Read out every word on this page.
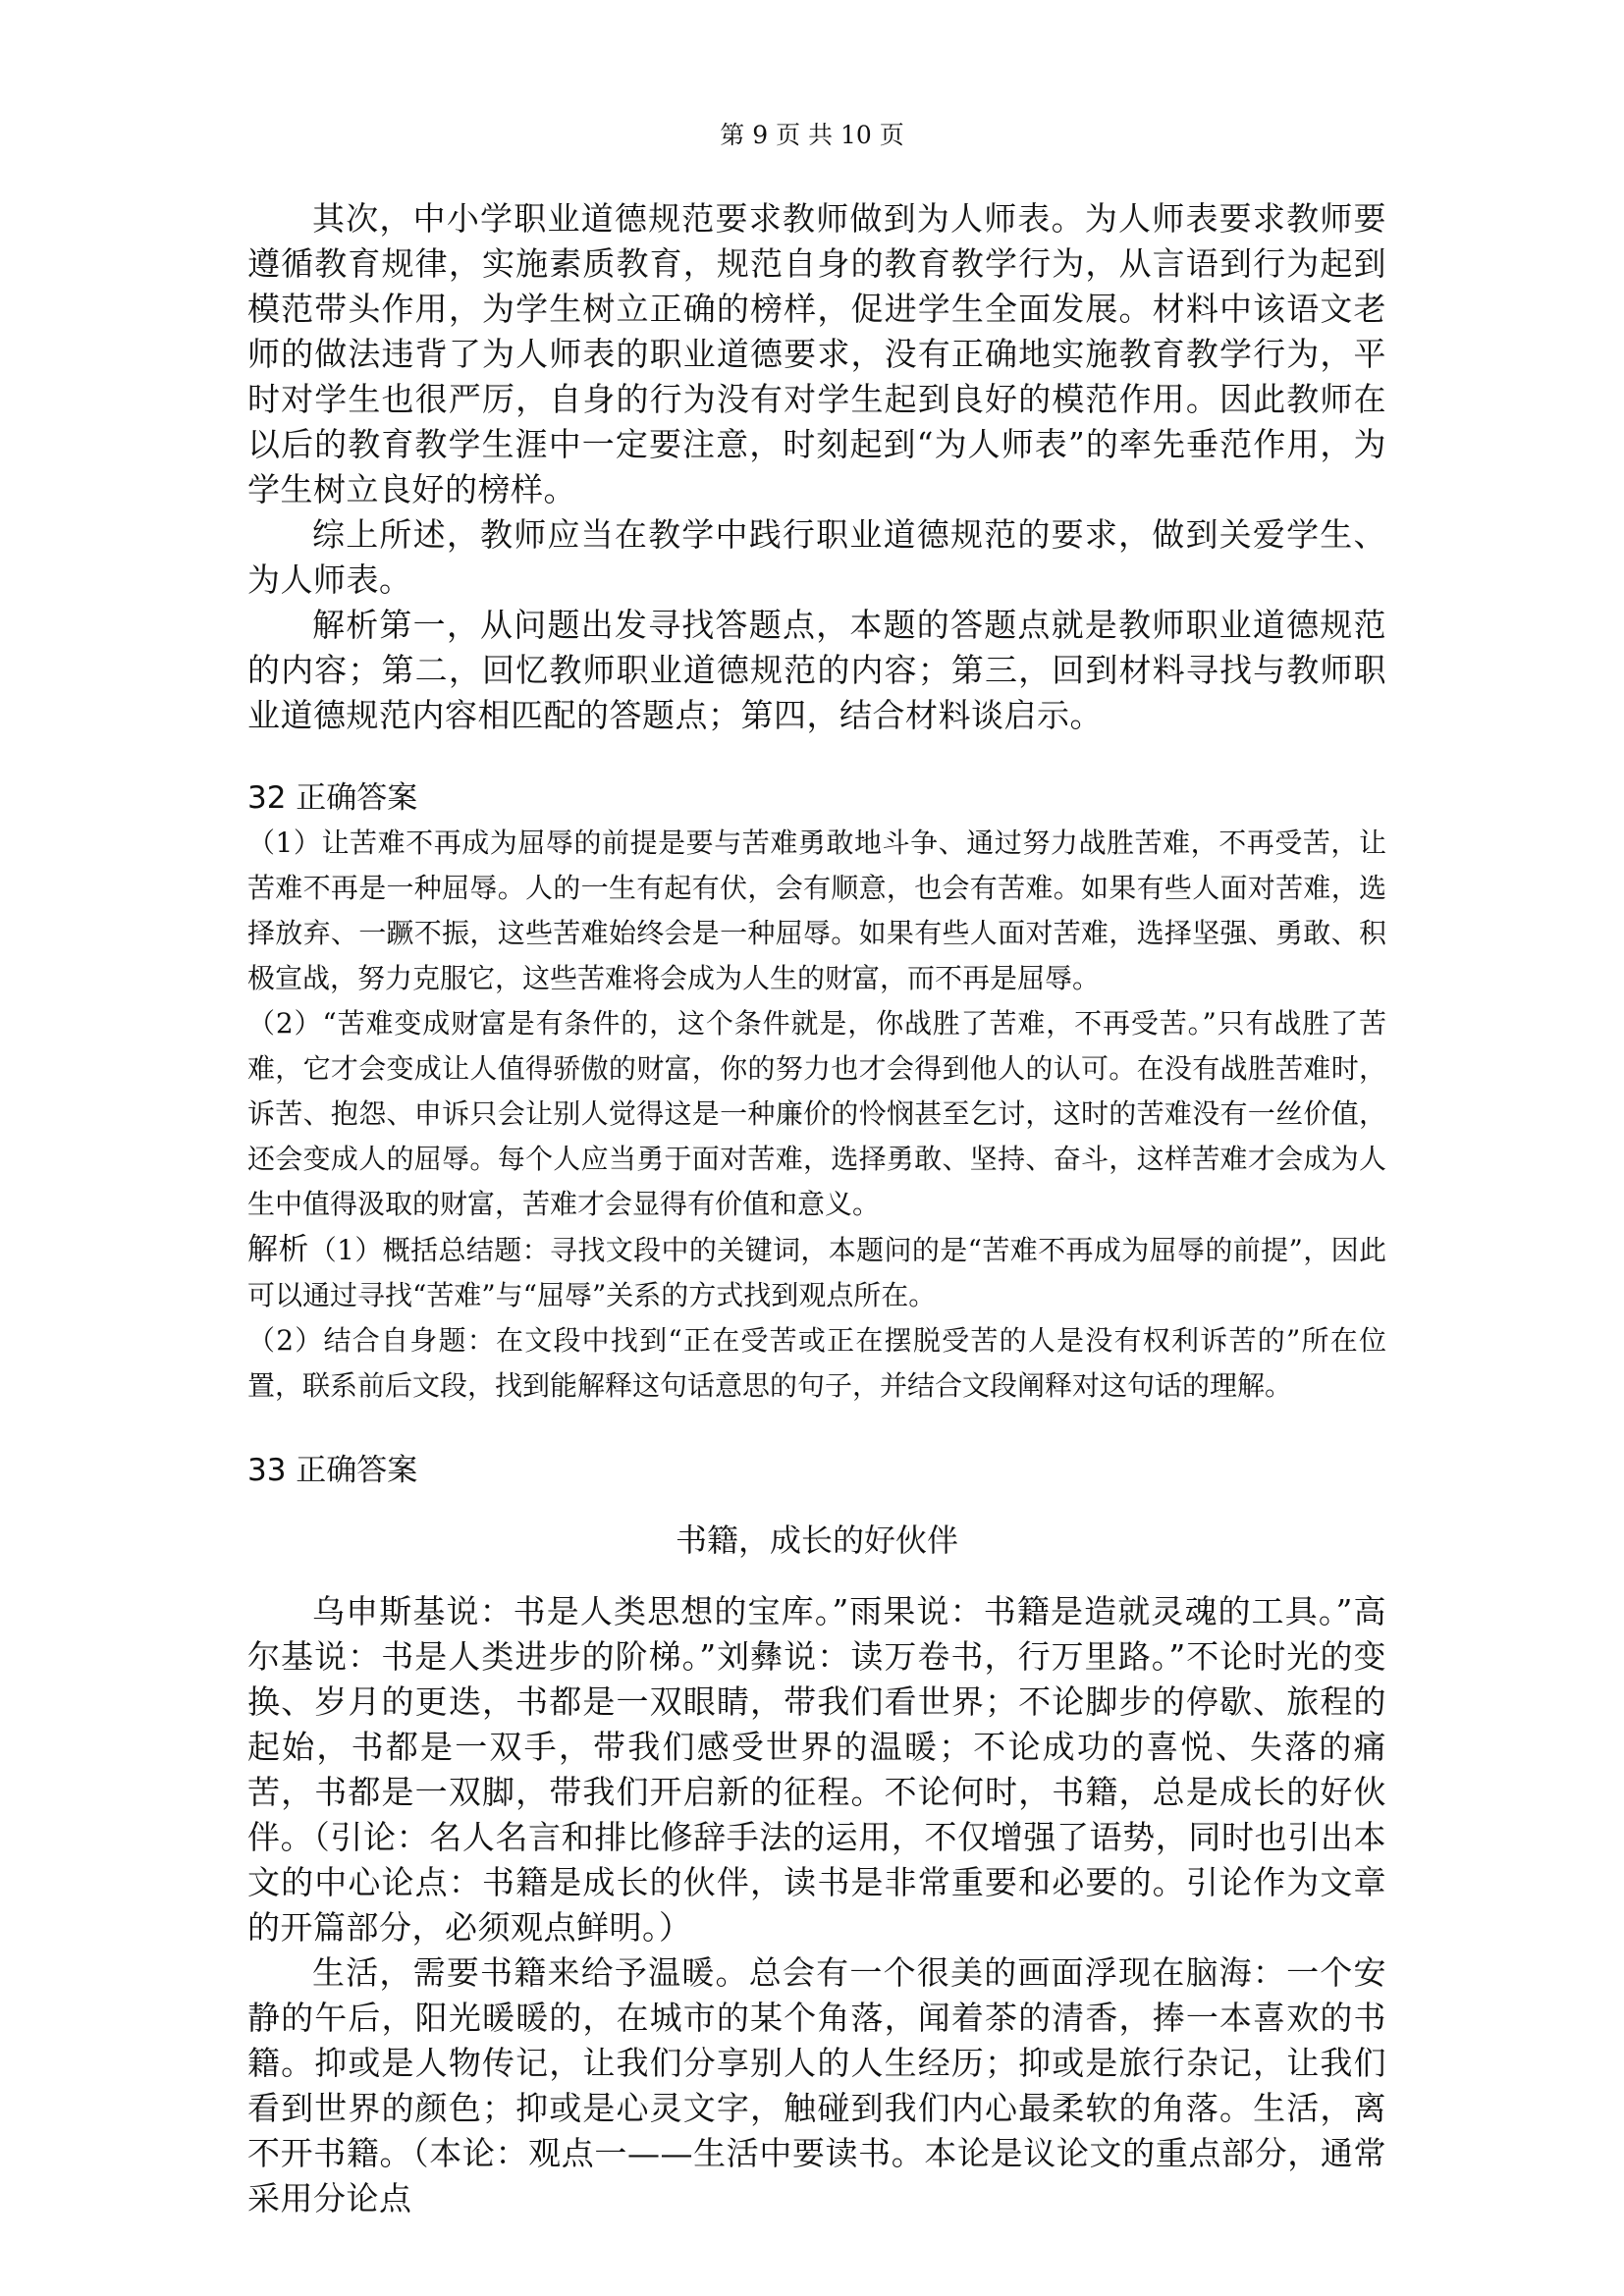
第 9 页 共 10 页

其次，中小学职业道德规范要求教师做到为人师表。为人师表要求教师要遵循教育规律，实施素质教育，规范自身的教育教学行为，从言语到行为起到模范带头作用，为学生树立正确的榜样，促进学生全面发展。材料中该语文老师的做法违背了为人师表的职业道德要求，没有正确地实施教育教学行为，平时对学生也很严厉，自身的行为没有对学生起到良好的模范作用。因此教师在以后的教育教学生涯中一定要注意，时刻起到“为人师表”的率先垂范作用，为学生树立良好的榜样。

综上所述，教师应当在教学中践行职业道德规范的要求，做到关爱学生、为人师表。

解析第一，从问题出发寻找答题点，本题的答题点就是教师职业道德规范的内容；第二，回忆教师职业道德规范的内容；第三，回到材料寻找与教师职业道德规范内容相匹配的答题点；第四，结合材料谈启示。

32 正确答案

（1）让苦难不再成为屈辱的前提是要与苦难勇敢地斗争、通过努力战胜苦难，不再受苦，让苦难不再是一种屈辱。人的一生有起有伏，会有顺意，也会有苦难。如果有些人面对苦难，选择放弃、一蹶不振，这些苦难始终会是一种屈辱。如果有些人面对苦难，选择坚强、勇敢、积极宣战，努力克服它，这些苦难将会成为人生的财富，而不再是屈辱。

（2）“苦难变成财富是有条件的，这个条件就是，你战胜了苦难，不再受苦。”只有战胜了苦难，它才会变成让人值得骄傲的财富，你的努力也才会得到他人的认可。在没有战胜苦难时，诉苦、抱怨、申诉只会让别人觉得这是一种廉价的怜悯甚至乞讨，这时的苦难没有一丝价值，还会变成人的屈辱。每个人应当勇于面对苦难，选择勇敢、坚持、奋斗，这样苦难才会成为人生中值得汲取的财富，苦难才会显得有价值和意义。

解析（1）概括总结题：寻找文段中的关键词，本题问的是“苦难不再成为屈辱的前提”，因此可以通过寻找“苦难”与“屈辱”关系的方式找到观点所在。

（2）结合自身题：在文段中找到“正在受苦或正在摆脱受苦的人是没有权利诉苦的”所在位置，联系前后文段，找到能解释这句话意思的句子，并结合文段阐释对这句话的理解。

33 正确答案

书籍，成长的好伙伴

乌申斯基说：书是人类思想的宝库。”雨果说：书籍是造就灵魂的工具。”高尔基说：书是人类进步的阶梯。”刘彝说：读万卷书，行万里路。”不论时光的变换、岁月的更迭，书都是一双眼睛，带我们看世界；不论脚步的停歇、旅程的起始，书都是一双手，带我们感受世界的温暖；不论成功的喜悦、失落的痛苦，书都是一双脚，带我们开启新的征程。不论何时，书籍，总是成长的好伙伴。（引论：名人名言和排比修辞手法的运用，不仅增强了语势，同时也引出本文的中心论点：书籍是成长的伙伴，读书是非常重要和必要的。引论作为文章的开篇部分，必须观点鲜明。）

生活，需要书籍来给予温暖。总会有一个很美的画面浮现在脑海：一个安静的午后，阳光暖暖的，在城市的某个角落，闻着茶的清香，捧一本喜欢的书籍。抑或是人物传记，让我们分享别人的人生经历；抑或是旅行杂记，让我们看到世界的颜色；抑或是心灵文字，触碰到我们内心最柔软的角落。生活，离不开书籍。（本论：观点一——生活中要读书。本论是议论文的重点部分，通常采用分论点
